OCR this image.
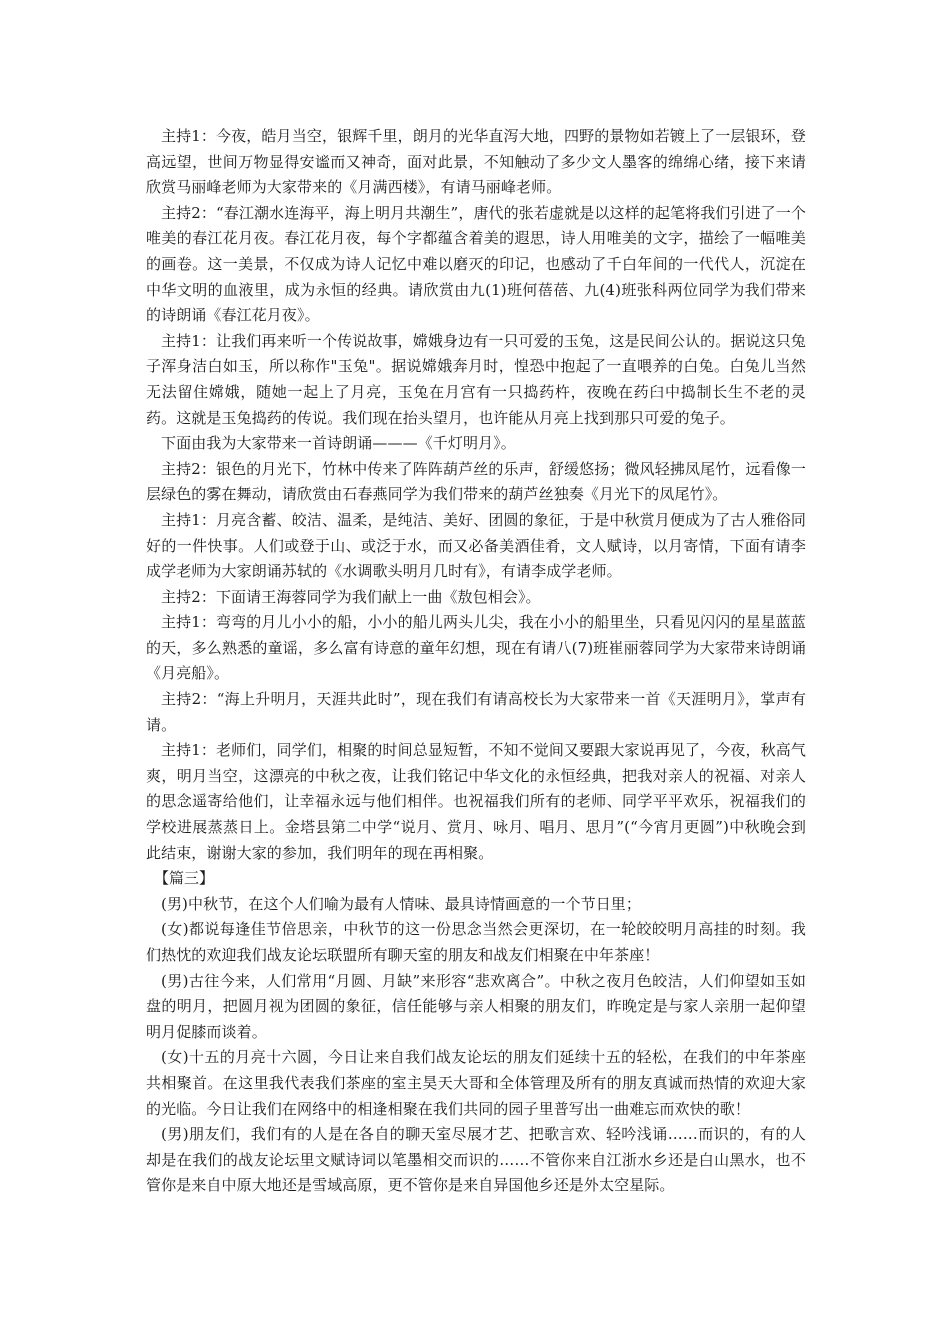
主持1：今夜，皓月当空，银辉千里，朗月的光华直泻大地，四野的景物如若镀上了一层银环，登高远望，世间万物显得安谧而又神奇，面对此景，不知触动了多少文人墨客的绵绵心绪，接下来请欣赏马丽峰老师为大家带来的《月满西楼》，有请马丽峰老师。

主持2：“春江潮水连海平，海上明月共潮生”，唐代的张若虚就是以这样的起笔将我们引进了一个唯美的春江花月夜。春江花月夜，每个字都蕴含着美的遐思，诗人用唯美的文字，描绘了一幅唯美的画卷。这一美景，不仅成为诗人记忆中难以磨灭的印记，也感动了千白年间的一代代人，沉淀在中华文明的血液里，成为永恒的经典。请欣赏由九(1)班何蓓蓓、九(4)班张科两位同学为我们带来的诗朗诵《春江花月夜》。

主持1：让我们再来听一个传说故事，嫦娥身边有一只可爱的玉兔，这是民间公认的。据说这只兔子浑身洁白如玉，所以称作"玉兔"。据说嫦娥奔月时，惶恐中抱起了一直喂养的白兔。白兔儿当然无法留住嫦娥，随她一起上了月亮，玉兔在月宫有一只捣药杵，夜晚在药臼中捣制长生不老的灵药。这就是玉兔捣药的传说。我们现在抬头望月，也许能从月亮上找到那只可爱的兔子。

下面由我为大家带来一首诗朗诵———《千灯明月》。

主持2：银色的月光下，竹林中传来了阵阵葫芦丝的乐声，舒缓悠扬；微风轻拂凤尾竹，远看像一层绿色的雾在舞动，请欣赏由石春燕同学为我们带来的葫芦丝独奏《月光下的凤尾竹》。

主持1：月亮含蓄、皎洁、温柔，是纯洁、美好、团圆的象征，于是中秋赏月便成为了古人雅俗同好的一件快事。人们或登于山、或泛于水，而又必备美酒佳肴，文人赋诗，以月寄情，下面有请李成学老师为大家朗诵苏轼的《水调歌头明月几时有》，有请李成学老师。

主持2：下面请王海蓉同学为我们献上一曲《敖包相会》。

主持1：弯弯的月儿小小的船，小小的船儿两头儿尖，我在小小的船里坐，只看见闪闪的星星蓝蓝的天，多么熟悉的童谣，多么富有诗意的童年幻想，现在有请八(7)班崔丽蓉同学为大家带来诗朗诵《月亮船》。

主持2：“海上升明月，天涯共此时”，现在我们有请高校长为大家带来一首《天涯明月》，掌声有请。

主持1：老师们，同学们，相聚的时间总显短暂，不知不觉间又要跟大家说再见了，今夜，秋高气爽，明月当空，这漂亮的中秋之夜，让我们铭记中华文化的永恒经典，把我对亲人的祝福、对亲人的思念遥寄给他们，让幸福永远与他们相伴。也祝福我们所有的老师、同学平平欢乐，祝福我们的学校进展蒸蒸日上。金塔县第二中学“说月、赏月、咏月、唱月、思月”(“今宵月更圆”)中秋晚会到此结束，谢谢大家的参加，我们明年的现在再相聚。

【篇三】

(男)中秋节，在这个人们喻为最有人情味、最具诗情画意的一个节日里；

(女)都说每逢佳节倍思亲，中秋节的这一份思念当然会更深切，在一轮皎皎明月高挂的时刻。我们热忱的欢迎我们战友论坛联盟所有聊天室的朋友和战友们相聚在中年茶座！

(男)古往今来，人们常用“月圆、月缺”来形容“悲欢离合”。中秋之夜月色皎洁，人们仰望如玉如盘的明月，把圆月视为团圆的象征，信任能够与亲人相聚的朋友们，昨晚定是与家人亲朋一起仰望明月促膝而谈着。

(女)十五的月亮十六圆，今日让来自我们战友论坛的朋友们延续十五的轻松，在我们的中年茶座共相聚首。在这里我代表我们茶座的室主昊天大哥和全体管理及所有的朋友真诚而热情的欢迎大家的光临。今日让我们在网络中的相逢相聚在我们共同的园子里普写出一曲难忘而欢快的歌！

(男)朋友们，我们有的人是在各自的聊天室尽展才艺、把歌言欢、轻吟浅诵……而识的，有的人却是在我们的战友论坛里文赋诗词以笔墨相交而识的……不管你来自江浙水乡还是白山黑水，也不管你是来自中原大地还是雪域高原，更不管你是来自异国他乡还是外太空星际。
